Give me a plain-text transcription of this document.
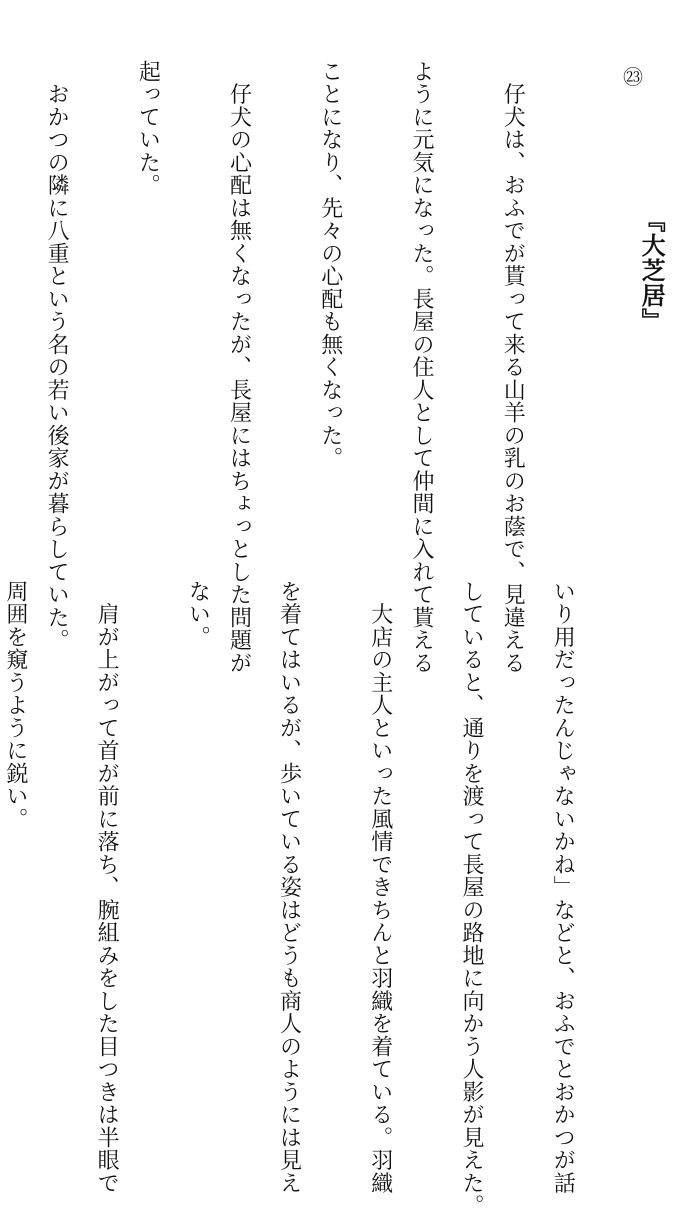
㉓
『大芝居』

　仔犬は、おふでが貰って来る山羊の乳のお蔭で、見違える

ように元気になった。長屋の住人として仲間に入れて貰える

ことになり、先々の心配も無くなった。

　仔犬の心配は無くなったが、長屋にはちょっとした問題が

起っていた。

　おかつの隣に八重という名の若い後家が暮らしていた。

いり用だったんじゃないかね」などと、おふでとおかつが話

していると、通りを渡って長屋の路地に向かう人影が見えた。

　大店の主人といった風情できちんと羽織を着ている。羽織

を着てはいるが、歩いている姿はどうも商人のようには見え

ない。

　肩が上がって首が前に落ち、腕組みをした目つきは半眼で

周囲を窺うように鋭い。
